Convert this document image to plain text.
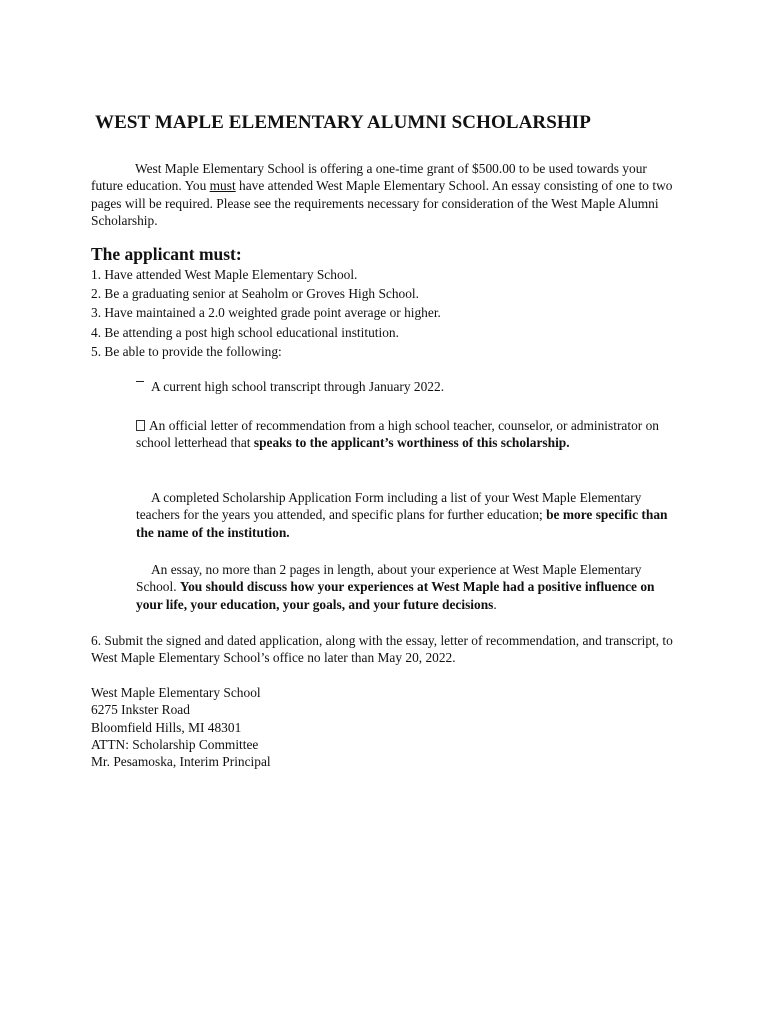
WEST MAPLE ELEMENTARY ALUMNI SCHOLARSHIP

West Maple Elementary School is offering a one-time grant of $500.00 to be used towards your future education. You must have attended West Maple Elementary School. An essay consisting of one to two pages will be required. Please see the requirements necessary for consideration of the West Maple Alumni Scholarship.

The applicant must:
1. Have attended West Maple Elementary School.
2. Be a graduating senior at Seaholm or Groves High School.
3. Have maintained a 2.0 weighted grade point average or higher.
4. Be attending a post high school educational institution.
5. Be able to provide the following:

A current high school transcript through January 2022.

An official letter of recommendation from a high school teacher, counselor, or administrator on school letterhead that speaks to the applicant’s worthiness of this scholarship.

A completed Scholarship Application Form including a list of your West Maple Elementary teachers for the years you attended, and specific plans for further education; be more specific than the name of the institution.

An essay, no more than 2 pages in length, about your experience at West Maple Elementary School. You should discuss how your experiences at West Maple had a positive influence on your life, your education, your goals, and your future decisions.

6. Submit the signed and dated application, along with the essay, letter of recommendation, and transcript, to West Maple Elementary School’s office no later than May 20, 2022.

West Maple Elementary School
6275 Inkster Road
Bloomfield Hills, MI 48301
ATTN: Scholarship Committee
Mr. Pesamoska, Interim Principal
